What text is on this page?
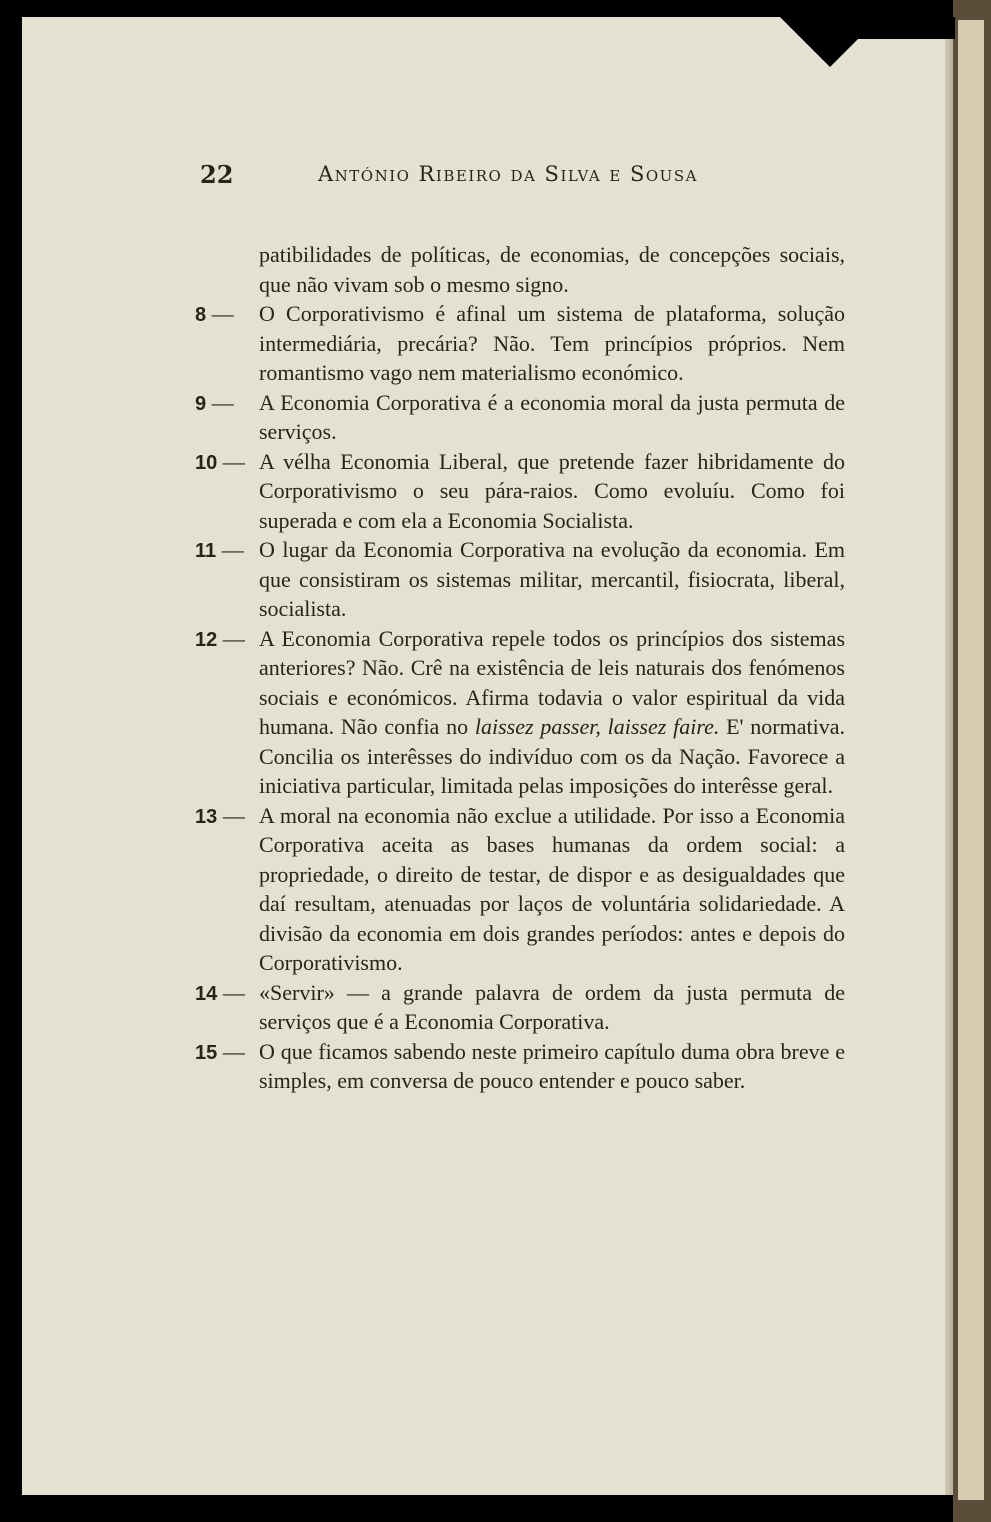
22	António Ribeiro da Silva e Sousa

patibilidades de políticas, de economias, de concepções sociais, que não vivam sob o mesmo signo.

8 —	O Corporativismo é afinal um sistema de plataforma, solução intermediária, precária? Não. Tem princípios próprios. Nem romantismo vago nem materialismo económico.
9 —	A Economia Corporativa é a economia moral da justa permuta de serviços.
10 — A vélha Economia Liberal, que pretende fazer hibridamente do Corporativismo o seu pára-raios. Como evoluíu. Como foi superada e com ela a Economia Socialista.
11 — O lugar da Economia Corporativa na evolução da economia. Em que consistiram os sistemas militar, mercantil, fisiocrata, liberal, socialista.
12 — A Economia Corporativa repele todos os princípios dos sistemas anteriores? Não. Crê na existência de leis naturais dos fenómenos sociais e económicos. Afirma todavia o valor espiritual da vida humana. Não confia no laissez passer, laissez faire. E' normativa. Concilia os interêsses do indivíduo com os da Nação. Favorece a iniciativa particular, limitada pelas imposições do interêsse geral.
13 — A moral na economia não exclue a utilidade. Por isso a Economia Corporativa aceita as bases humanas da ordem social: a propriedade, o direito de testar, de dispor e as desigualdades que daí resultam, atenuadas por laços de voluntária solidariedade. A divisão da economia em dois grandes períodos: antes e depois do Corporativismo.
14 — «Servir» — a grande palavra de ordem da justa permuta de serviços que é a Economia Corporativa.
15 — O que ficamos sabendo neste primeiro capítulo duma obra breve e simples, em conversa de pouco entender e pouco saber.
